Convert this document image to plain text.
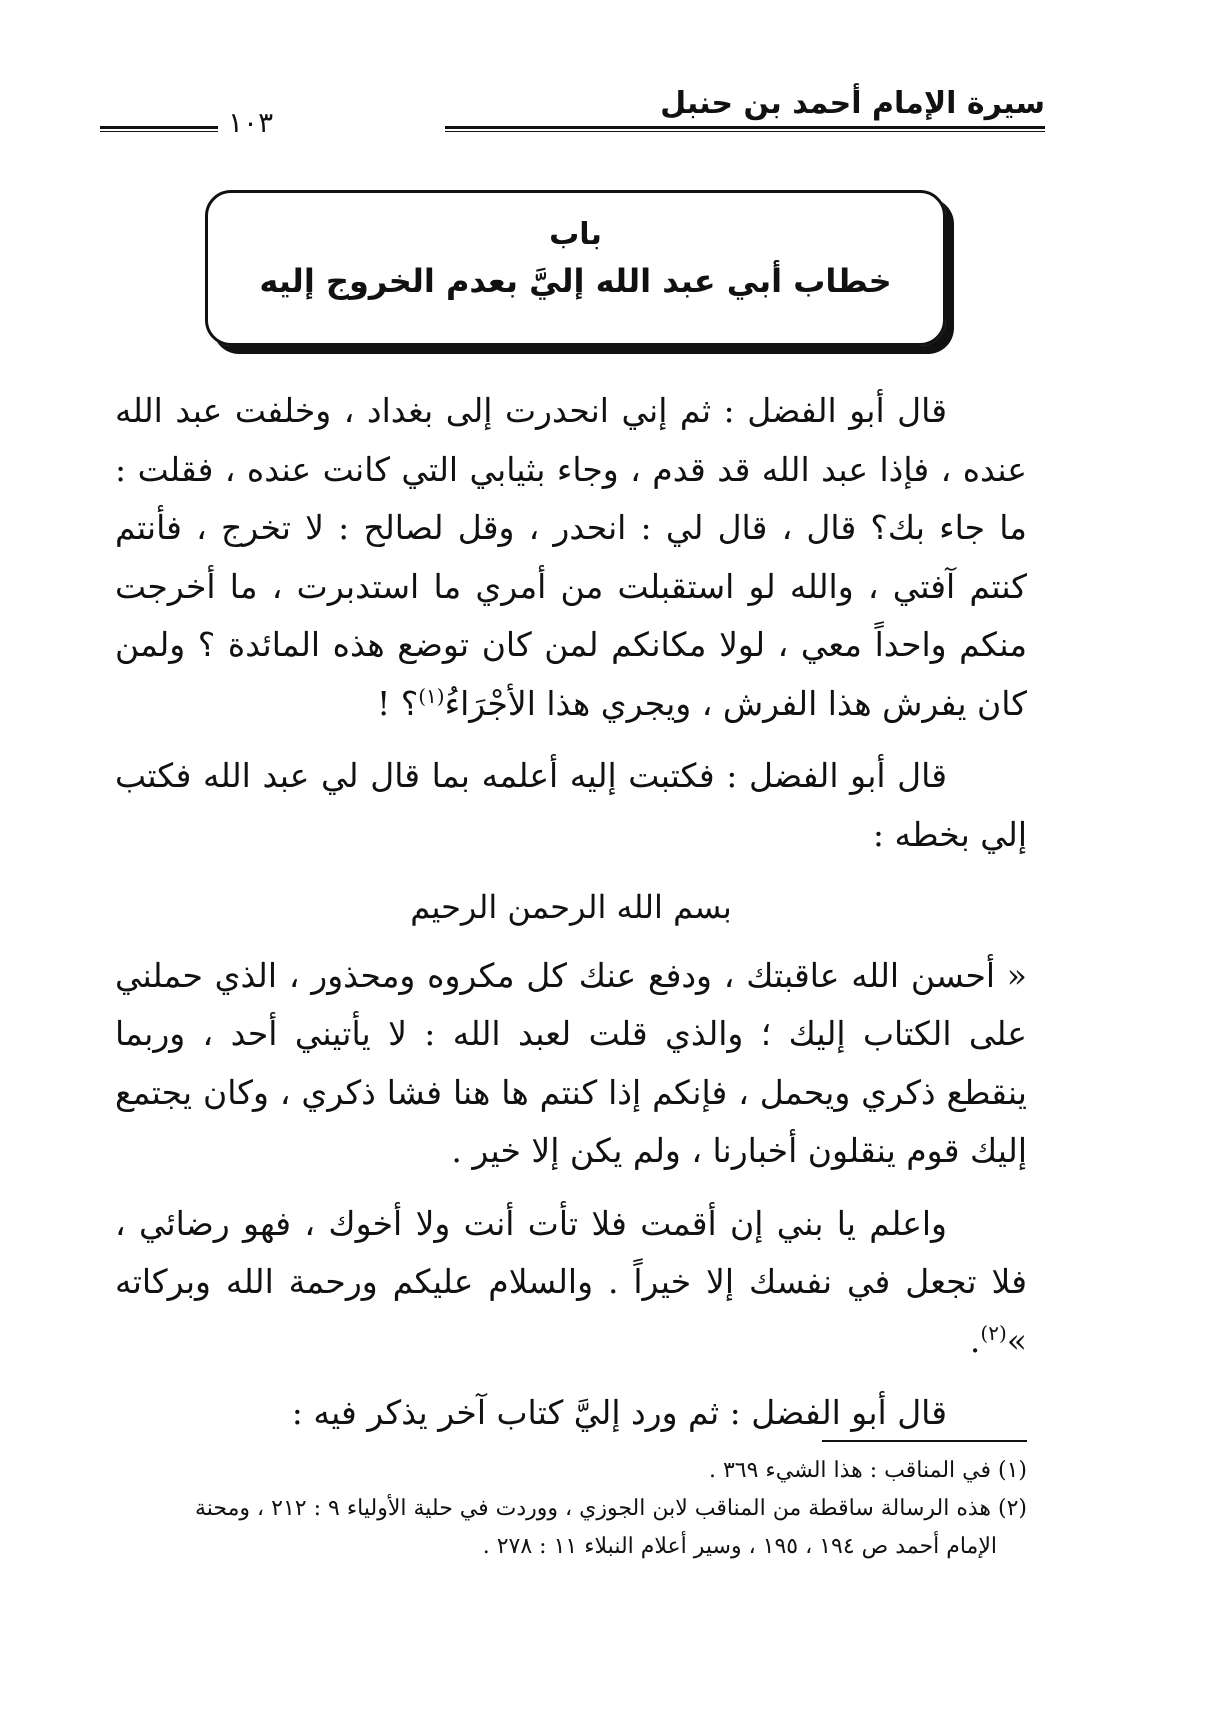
سيرة الإمام أحمد بن حنبل
١٠٣
باب
خطاب أبي عبد الله إليَّ بعدم الخروج إليه

قال أبو الفضل : ثم إني انحدرت إلى بغداد ، وخلفت عبد الله عنده ، فإذا عبد الله قد قدم ، وجاء بثيابي التي كانت عنده ، فقلت : ما جاء بك؟ قال ، قال لي : انحدر ، وقل لصالح : لا تخرج ، فأنتم كنتم آفتي ، والله لو استقبلت من أمري ما استدبرت ، ما أخرجت منكم واحداً معي ، لولا مكانكم لمن كان توضع هذه المائدة ؟ ولمن كان يفرش هذا الفرش ، ويجري هذا الأجْرَاءُ$^{(١)}$؟ !

قال أبو الفضل : فكتبت إليه أعلمه بما قال لي عبد الله فكتب إلي بخطه :

بسم الله الرحمن الرحيم

« أحسن الله عاقبتك ، ودفع عنك كل مكروه ومحذور ، الذي حملني على الكتاب إليك ؛ والذي قلت لعبد الله : لا يأتيني أحد ، وربما ينقطع ذكري ويحمل ، فإنكم إذا كنتم ها هنا فشا ذكري ، وكان يجتمع إليك قوم ينقلون أخبارنا ، ولم يكن إلا خير .

واعلم يا بني إن أقمت فلا تأت أنت ولا أخوك ، فهو رضائي ، فلا تجعل في نفسك إلا خيراً . والسلام عليكم ورحمة الله وبركاته »$^{(٢)}$.

قال أبو الفضل : ثم ورد إليَّ كتاب آخر يذكر فيه :

(١) في المناقب : هذا الشيء ٣٦٩ .

(٢) هذه الرسالة ساقطة من المناقب لابن الجوزي ، ووردت في حلية الأولياء ٩ : ٢١٢ ، ومحنة

الإمام أحمد ص ١٩٤ ، ١٩٥ ، وسير أعلام النبلاء ١١ : ٢٧٨ .
